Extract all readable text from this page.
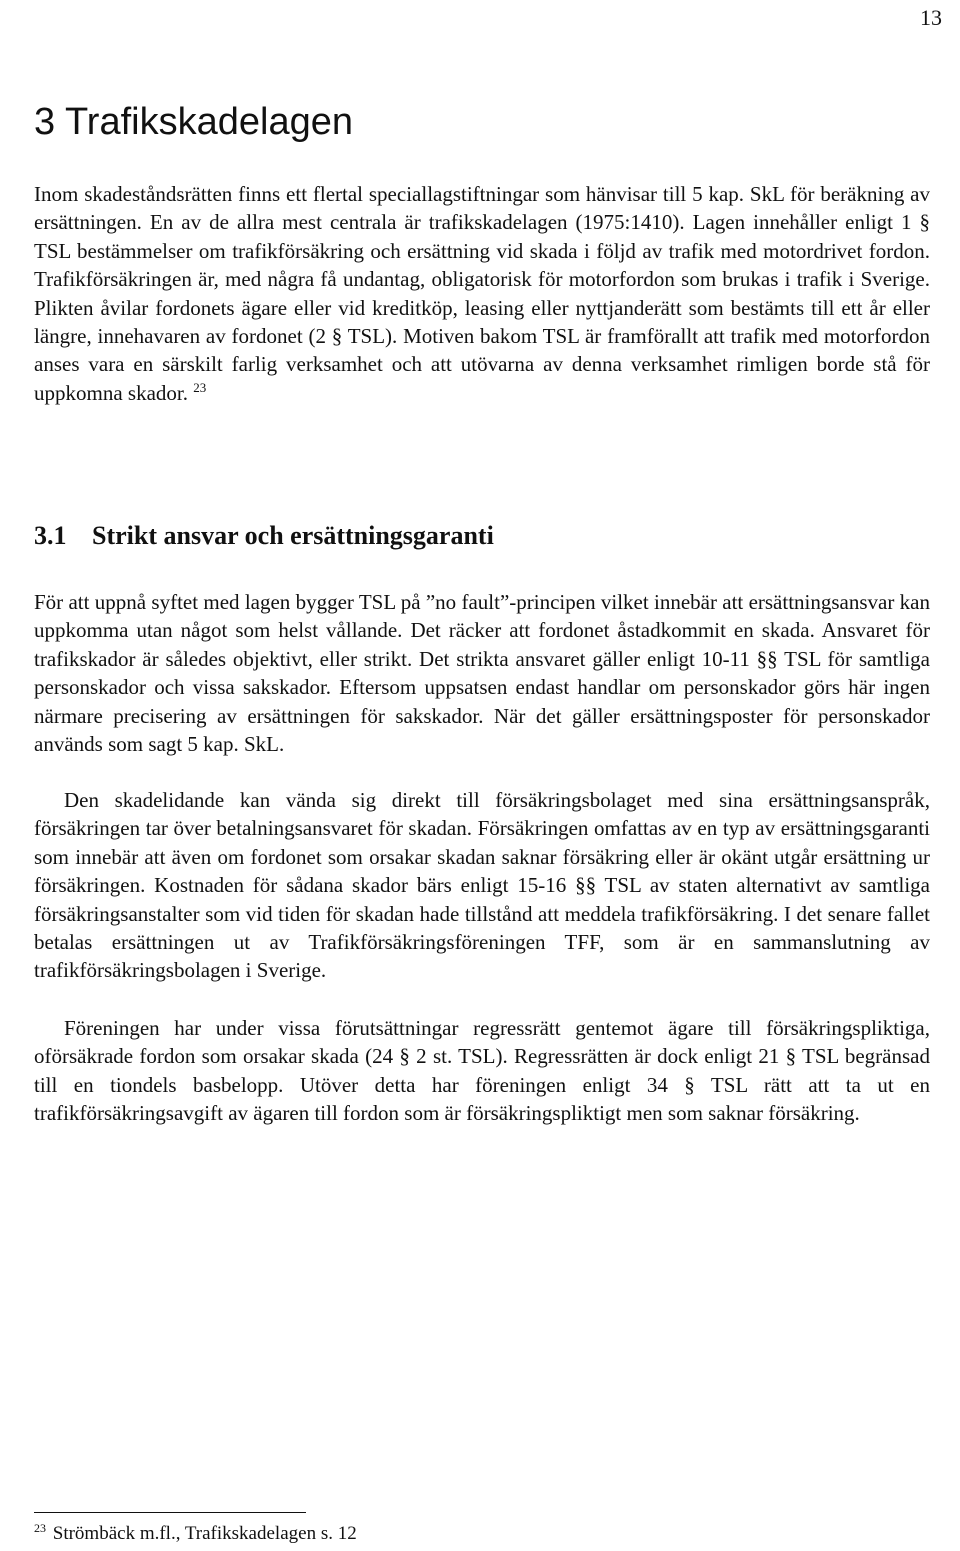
13
3 Trafikskadelagen

Inom skadeståndsrätten finns ett flertal speciallagstiftningar som hänvisar till 5 kap. SkL för beräkning av ersättningen. En av de allra mest centrala är trafikskadelagen (1975:1410). Lagen innehåller enligt 1 § TSL bestämmelser om trafikförsäkring och ersättning vid skada i följd av trafik med motordrivet fordon. Trafikförsäkringen är, med några få undantag, obligatorisk för motorfordon som brukas i trafik i Sverige. Plikten åvilar fordonets ägare eller vid kreditköp, leasing eller nyttjanderätt som bestämts till ett år eller längre, innehavaren av fordonet (2 § TSL). Motiven bakom TSL är framförallt att trafik med motorfordon anses vara en särskilt farlig verksamhet och att utövarna av denna verksamhet rimligen borde stå för uppkomna skador. $^{23}$

3.1 Strikt ansvar och ersättningsgaranti

För att uppnå syftet med lagen bygger TSL på ”no fault”-principen vilket innebär att ersättningsansvar kan uppkomma utan något som helst vållande. Det räcker att fordonet åstadkommit en skada. Ansvaret för trafikskador är således objektivt, eller strikt. Det strikta ansvaret gäller enligt 10-11 §§ TSL för samtliga personskador och vissa sakskador. Eftersom uppsatsen endast handlar om personskador görs här ingen närmare precisering av ersättningen för sakskador. När det gäller ersättningsposter för personskador används som sagt 5 kap. SkL.

Den skadelidande kan vända sig direkt till försäkringsbolaget med sina ersättningsanspråk, försäkringen tar över betalningsansvaret för skadan. Försäkringen omfattas av en typ av ersättningsgaranti som innebär att även om fordonet som orsakar skadan saknar försäkring eller är okänt utgår ersättning ur försäkringen. Kostnaden för sådana skador bärs enligt 15-16 §§ TSL av staten alternativt av samtliga försäkringsanstalter som vid tiden för skadan hade tillstånd att meddela trafikförsäkring. I det senare fallet betalas ersättningen ut av Trafikförsäkringsföreningen TFF, som är en sammanslutning av trafikförsäkringsbolagen i Sverige.

Föreningen har under vissa förutsättningar regressrätt gentemot ägare till försäkringspliktiga, oförsäkrade fordon som orsakar skada (24 § 2 st. TSL). Regressrätten är dock enligt 21 § TSL begränsad till en tiondels basbelopp. Utöver detta har föreningen enligt 34 § TSL rätt att ta ut en trafikförsäkringsavgift av ägaren till fordon som är försäkringspliktigt men som saknar försäkring.

$^{23}$ Strömbäck m.fl., Trafikskadelagen s. 12
